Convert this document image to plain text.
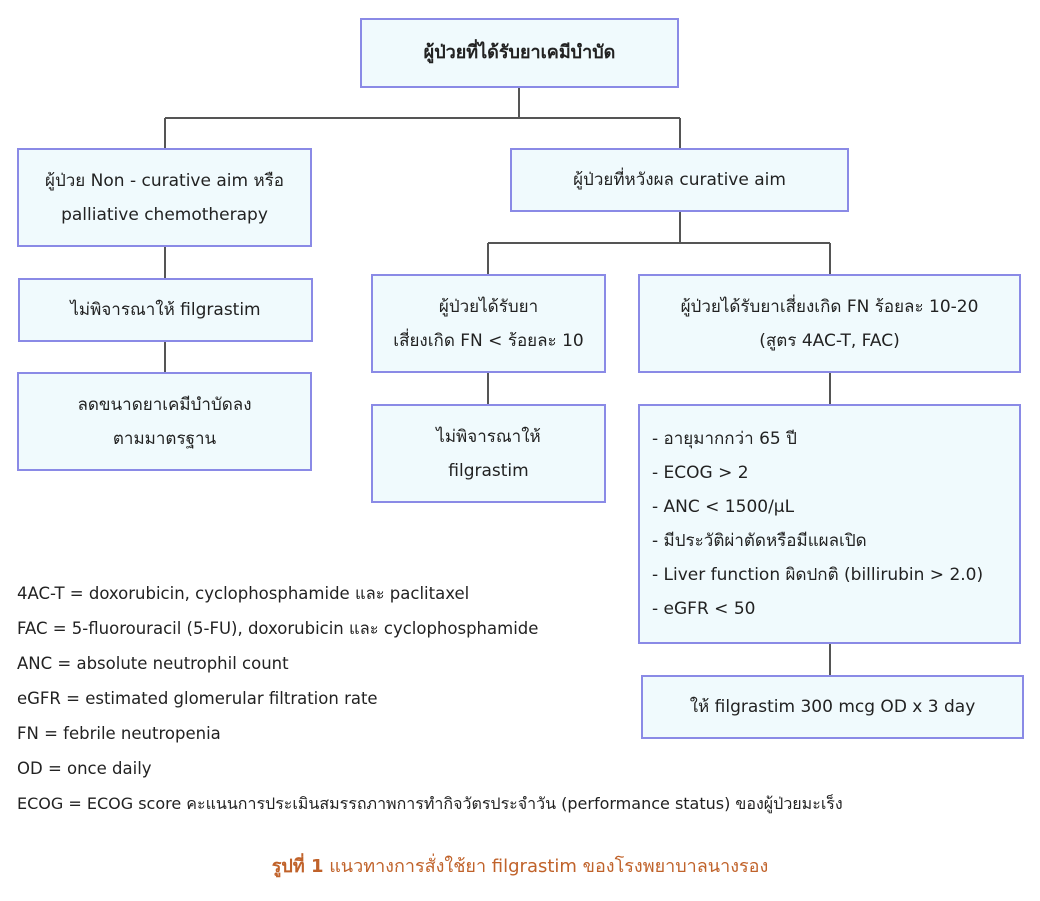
ผู้ป่วยที่ได้รับยาเคมีบำบัด
ผู้ป่วย Non - curative aim หรือ
palliative chemotherapy
ผู้ป่วยที่หวังผล curative aim
ไม่พิจารณาให้ filgrastim
ลดขนาดยาเคมีบำบัดลง
ตามมาตรฐาน
ผู้ป่วยได้รับยา
เสี่ยงเกิด FN < ร้อยละ 10
ผู้ป่วยได้รับยาเสี่ยงเกิด FN ร้อยละ 10-20
(สูตร 4AC-T, FAC)
ไม่พิจารณาให้
filgrastim
- อายุมากกว่า 65 ปี
- ECOG > 2
- ANC < 1500/µL
- มีประวัติผ่าตัดหรือมีแผลเปิด
- Liver function ผิดปกติ (billirubin > 2.0)
- eGFR < 50
ให้ filgrastim 300 mcg OD x 3 day
4AC-T = doxorubicin, cyclophosphamide และ paclitaxel
FAC = 5-fluorouracil (5-FU), doxorubicin และ cyclophosphamide
ANC = absolute neutrophil count
eGFR = estimated glomerular filtration rate
FN = febrile neutropenia
OD = once daily
ECOG = ECOG score คะแนนการประเมินสมรรถภาพการทำกิจวัตรประจำวัน (performance status) ของผู้ป่วยมะเร็ง
รูปที่ 1 แนวทางการสั่งใช้ยา filgrastim ของโรงพยาบาลนางรอง
